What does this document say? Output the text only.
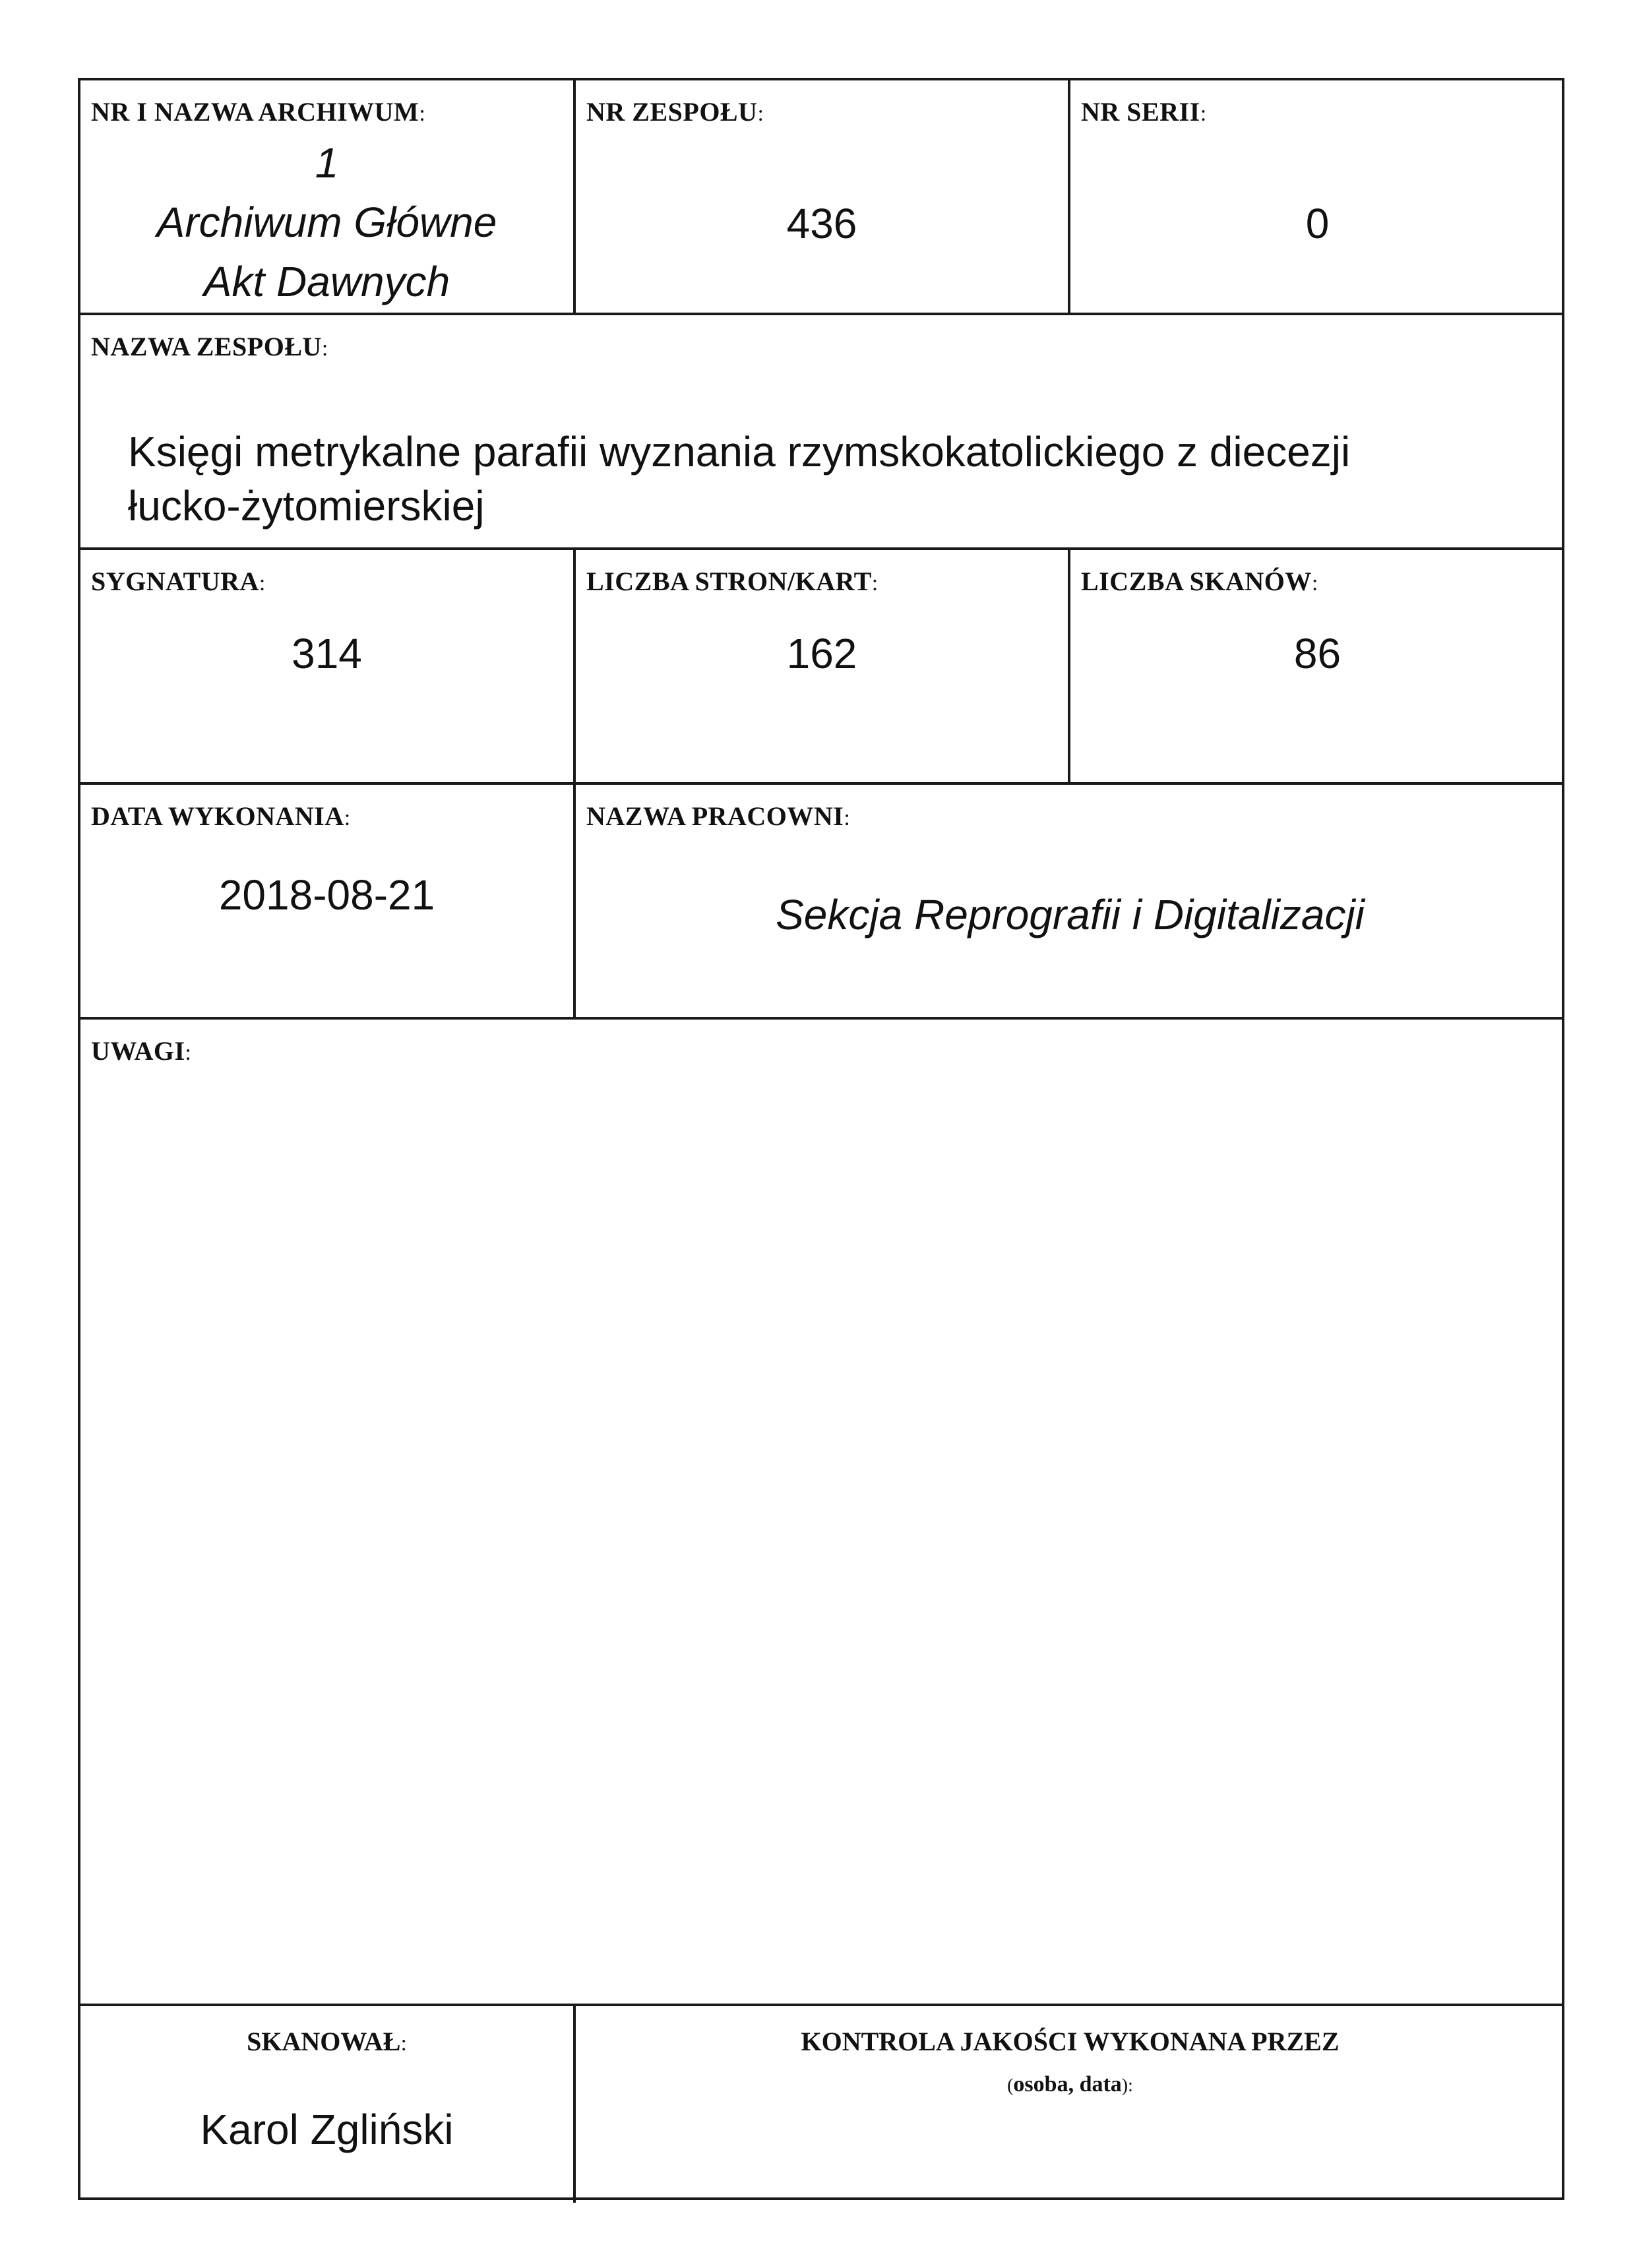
NR I NAZWA ARCHIWUM:
1
Archiwum Główne
Akt Dawnych
NR ZESPOŁU:
436
NR SERII:
0
NAZWA ZESPOŁU:
Księgi metrykalne parafii wyznania rzymskokatolickiego z diecezji
łucko-żytomierskiej
SYGNATURA:
314
LICZBA STRON/KART:
162
LICZBA SKANÓW:
86
DATA WYKONANIA:
2018-08-21
NAZWA PRACOWNI:
Sekcja Reprografii i Digitalizacji
UWAGI:
SKANOWAŁ:
Karol Zgliński
KONTROLA JAKOŚCI WYKONANA PRZEZ
(osoba, data):
